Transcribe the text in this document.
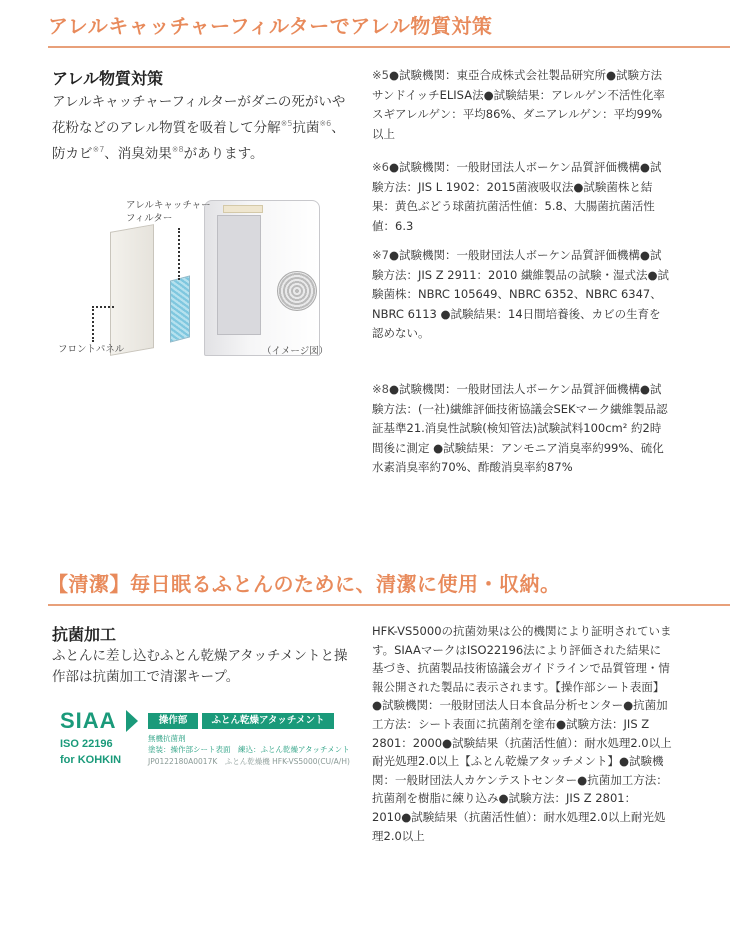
アレルキャッチャーフィルターでアレル物質対策
アレル物質対策
アレルキャッチャーフィルターがダニの死がいや花粉などのアレル物質を吸着して分解$^{※5}$抗菌$^{※6}$、防カビ$^{※7}$、消臭効果$^{※8}$があります。
アレルキャッチャー
フィルター
フロントパネル	（イメージ図）
※5●試験機関：東亞合成株式会社製品研究所●試験方法サンドイッチELISA法●試験結果：アレルゲン不活性化率スギアレルゲン：平均86%、ダニアレルゲン：平均99%以上
※6●試験機関：一般財団法人ボーケン品質評価機構●試験方法：JIS L 1902：2015菌液吸収法●試験菌株と結果：黄色ぶどう球菌抗菌活性値：5.8、大腸菌抗菌活性値：6.3
※7●試験機関：一般財団法人ボーケン品質評価機構●試験方法：JIS Z 2911：2010 繊維製品の試験・湿式法●試験菌株：NBRC 105649、NBRC 6352、NBRC 6347、NBRC 6113 ●試験結果：14日間培養後、カビの生育を認めない。
※8●試験機関：一般財団法人ボーケン品質評価機構●試験方法：(一社)繊維評価技術協議会SEKマーク繊維製品認証基準21.消臭性試験(検知管法)試験試料100cm² 約2時間後に測定 ●試験結果：アンモニア消臭率約99%、硫化水素消臭率約70%、酢酸消臭率約87%
【清潔】毎日眠るふとんのために、清潔に使用・収納。
抗菌加工
ふとんに差し込むふとん乾燥アタッチメントと操作部は抗菌加工で清潔キープ。
SIAA
ISO 22196
for KOHKIN
操作部	ふとん乾燥アタッチメント
無機抗菌剤
塗装：操作部シート表面　練込：ふとん乾燥アタッチメント
JP0122180A0017K　ふとん乾燥機 HFK-VS5000(CU/A/H)
HFK-VS5000の抗菌効果は公的機関により証明されています。SIAAマークはISO22196法により評価された結果に基づき、抗菌製品技術協議会ガイドラインで品質管理・情報公開された製品に表示されます。【操作部シート表面】●試験機関：一般財団法人日本食品分析センター●抗菌加工方法：シート表面に抗菌剤を塗布●試験方法：JIS Z 2801：2000●試験結果（抗菌活性値）：耐水処理2.0以上耐光処理2.0以上【ふとん乾燥アタッチメント】●試験機関：一般財団法人カケンテストセンター●抗菌加工方法：抗菌剤を樹脂に練り込み●試験方法：JIS Z 2801：2010●試験結果（抗菌活性値）：耐水処理2.0以上耐光処理2.0以上
